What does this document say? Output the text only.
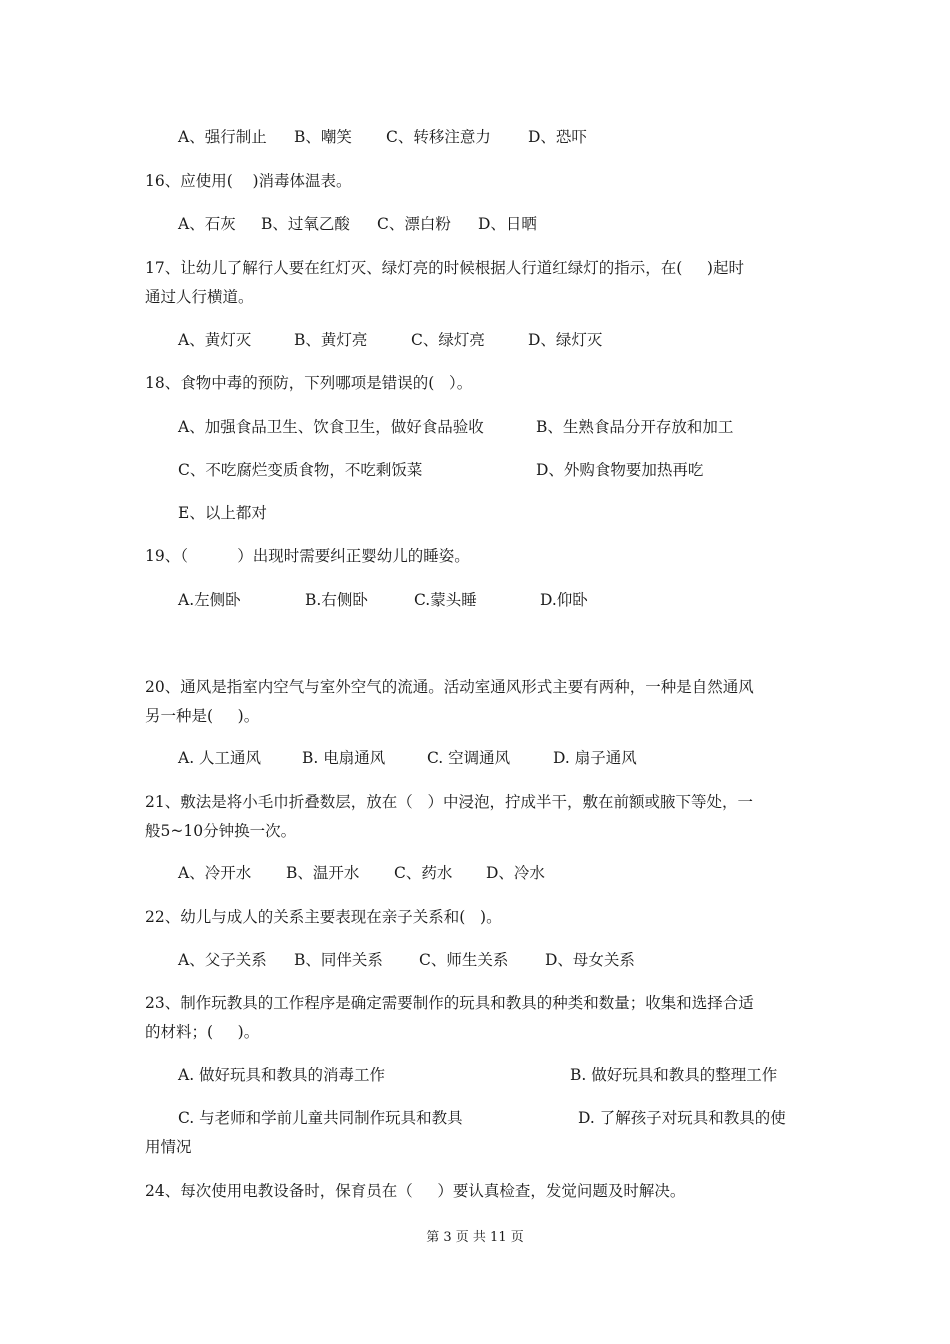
A、强行制止 B、嘲笑 C、转移注意力 D、恐吓
16、应使用(    )消毒体温表。
A、石灰 B、过氧乙酸 C、漂白粉 D、日晒
17、让幼儿了解行人要在红灯灭、绿灯亮的时候根据人行道红绿灯的指示，在(     )起时
通过人行横道。
A、黄灯灭	B、黄灯亮	C、绿灯亮	D、绿灯灭
18、食物中毒的预防，下列哪项是错误的(   ）。
A、加强食品卫生、饮食卫生，做好食品验收	B、生熟食品分开存放和加工
C、不吃腐烂变质食物，不吃剩饭菜	D、外购食物要加热再吃
E、以上都对
19、（          ）出现时需要纠正婴幼儿的睡姿。
A.左侧卧	B.右侧卧	C.蒙头睡	D.仰卧
20、通风是指室内空气与室外空气的流通。活动室通风形式主要有两种，一种是自然通风
另一种是(     )。
A. 人工通风	B. 电扇通风	C. 空调通风	D. 扇子通风
21、敷法是将小毛巾折叠数层，放在（   ）中浸泡，拧成半干，敷在前额或腋下等处，一
般5~10分钟换一次。
A、冷开水 B、温开水 C、药水 D、冷水
22、幼儿与成人的关系主要表现在亲子关系和(   )。
A、父子关系 B、同伴关系 C、师生关系 D、母女关系
23、制作玩教具的工作程序是确定需要制作的玩具和教具的种类和数量；收集和选择合适
的材料；(     )。
A. 做好玩具和教具的消毒工作	B. 做好玩具和教具的整理工作
C. 与老师和学前儿童共同制作玩具和教具	D. 了解孩子对玩具和教具的使
用情况
24、每次使用电教设备时，保育员在（     ）要认真检查，发觉问题及时解决。
第 3 页 共 11 页
